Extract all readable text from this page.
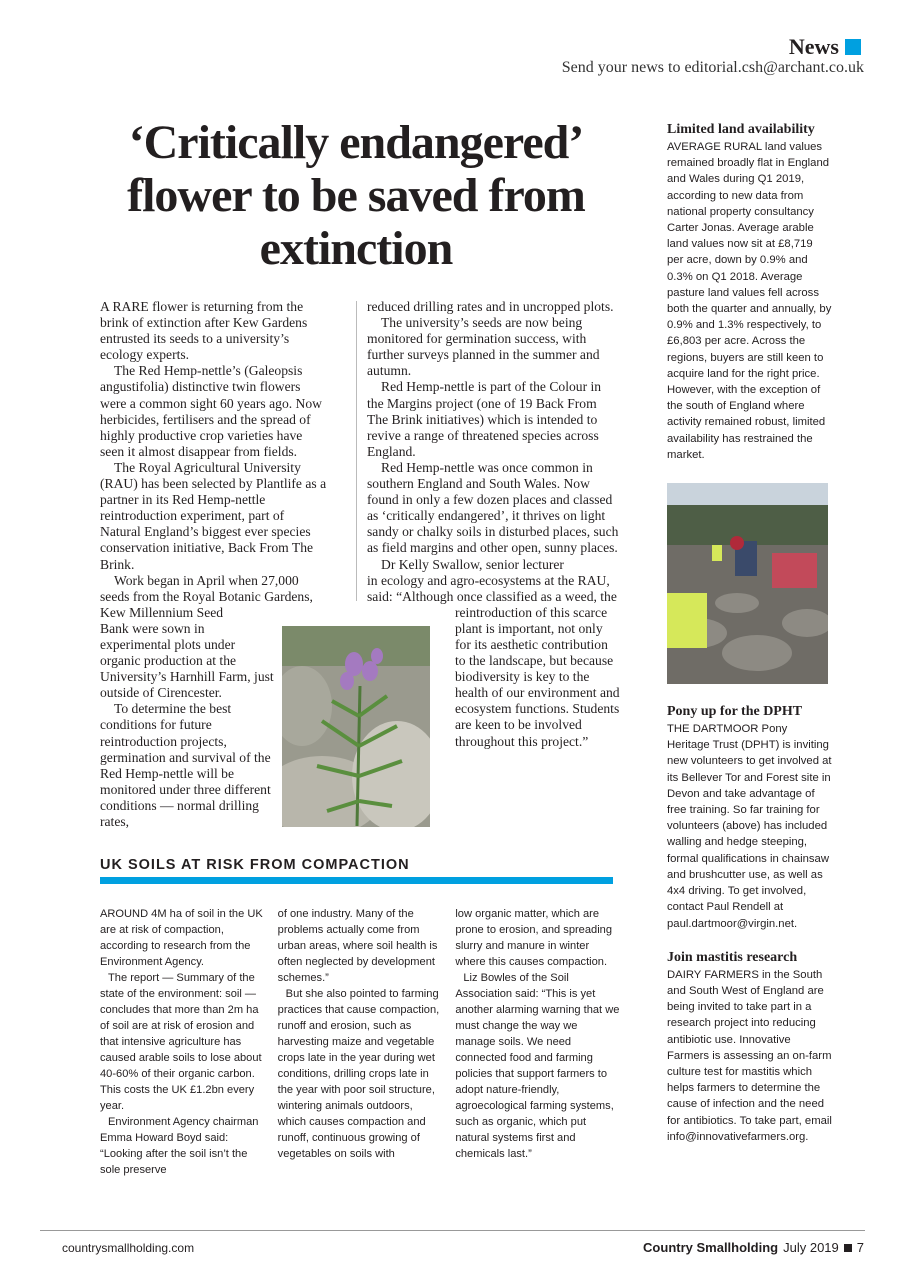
News
Send your news to editorial.csh@archant.co.uk
‘Critically endangered’ flower to be saved from extinction

A RARE flower is returning from the brink of extinction after Kew Gardens entrusted its seeds to a university’s ecology experts.

The Red Hemp-nettle’s (Galeopsis angustifolia) distinctive twin flowers were a common sight 60 years ago. Now herbicides, fertilisers and the spread of highly productive crop varieties have seen it almost disappear from fields.

The Royal Agricultural University (RAU) has been selected by Plantlife as a partner in its Red Hemp-nettle reintroduction experiment, part of Natural England’s biggest ever species conservation initiative, Back From The Brink.

Work began in April when 27,000 seeds from the Royal Botanic Gardens, Kew Millennium Seed

Bank were sown in experimental plots under organic production at the University’s Harnhill Farm, just outside of Cirencester.

To determine the best conditions for future reintroduction projects, germination and survival of the Red Hemp-nettle will be monitored under three different conditions — normal drilling rates,

reduced drilling rates and in uncropped plots.

The university’s seeds are now being monitored for germination success, with further surveys planned in the summer and autumn.

Red Hemp-nettle is part of the Colour in the Margins project (one of 19 Back From The Brink initiatives) which is intended to revive a range of threatened species across England.

Red Hemp-nettle was once common in southern England and South Wales. Now found in only a few dozen places and classed as ‘critically endangered’, it thrives on light sandy or chalky soils in disturbed places, such as field margins and other open, sunny places.

Dr Kelly Swallow, senior lecturer

in ecology and agro-ecosystems at the RAU, said: “Although once classified as a weed, the reintroduction of this scarce plant is important, not only for its aesthetic contribution to the landscape, but because biodiversity is key to the health of our environment and ecosystem functions. Students are keen to be involved throughout this project.”

UK SOILS AT RISK FROM COMPACTION

AROUND 4M ha of soil in the UK are at risk of compaction, according to research from the Environment Agency.

The report — Summary of the state of the environment: soil — concludes that more than 2m ha of soil are at risk of erosion and that intensive agriculture has caused arable soils to lose about 40-60% of their organic carbon. This costs the UK £1.2bn every year.

Environment Agency chairman Emma Howard Boyd said: “Looking after the soil isn’t the sole preserve

of one industry. Many of the problems actually come from urban areas, where soil health is often neglected by development schemes.”

But she also pointed to farming practices that cause compaction, runoff and erosion, such as harvesting maize and vegetable crops late in the year during wet conditions, drilling crops late in the year with poor soil structure, wintering animals outdoors, which causes compaction and runoff, continuous growing of vegetables on soils with

low organic matter, which are prone to erosion, and spreading slurry and manure in winter where this causes compaction.

Liz Bowles of the Soil Association said: “This is yet another alarming warning that we must change the way we manage soils. We need connected food and farming policies that support farmers to adopt nature-friendly, agroecological farming systems, such as organic, which put natural systems first and chemicals last.”

Limited land availability

AVERAGE RURAL land values remained broadly flat in England and Wales during Q1 2019, according to new data from national property consultancy Carter Jonas. Average arable land values now sit at £8,719 per acre, down by 0.9% and 0.3% on Q1 2018. Average pasture land values fell across both the quarter and annually, by 0.9% and 1.3% respectively, to £6,803 per acre. Across the regions, buyers are still keen to acquire land for the right price. However, with the exception of the south of England where activity remained robust, limited availability has restrained the market.

Pony up for the DPHT

THE DARTMOOR Pony Heritage Trust (DPHT) is inviting new volunteers to get involved at its Bellever Tor and Forest site in Devon and take advantage of free training. So far training for volunteers (above) has included walling and hedge steeping, formal qualifications in chainsaw and brushcutter use, as well as 4x4 driving. To get involved, contact Paul Rendell at paul.dartmoor@virgin.net.

Join mastitis research

DAIRY FARMERS in the South and South West of England are being invited to take part in a research project into reducing antibiotic use. Innovative Farmers is assessing an on-farm culture test for mastitis which helps farmers to determine the cause of infection and the need for antibiotics. To take part, email info@innovativefarmers.org.

countrysmallholding.com	Country Smallholding July 2019 7
